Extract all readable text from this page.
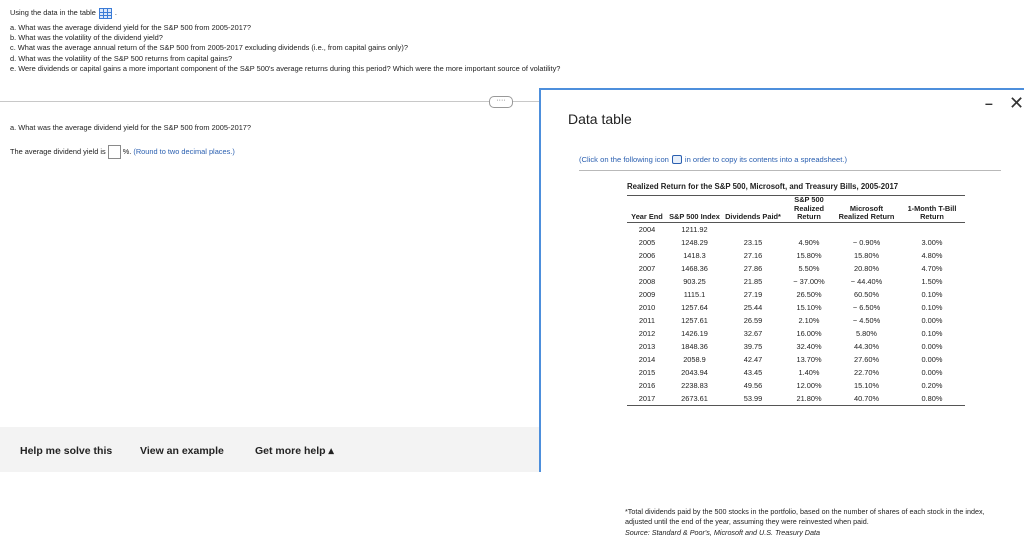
Using the data in the table	.
a. What was the average dividend yield for the S&P 500 from 2005-2017?
b. What was the volatility of the dividend yield?
c. What was the average annual return of the S&P 500 from 2005-2017 excluding dividends (i.e., from capital gains only)?
d. What was the volatility of the S&P 500 returns from capital gains?
e. Were dividends or capital gains a more important component of the S&P 500's average returns during this period? Which were the more important source of volatility?
····
a. What was the average dividend yield for the S&P 500 from 2005-2017?
The average dividend yield is %. (Round to two decimal places.)
Help me solve this	View an example	Get more help ▴
Data table
– ✕
(Click on the following icon in order to copy its contents into a spreadsheet.)
Realized Return for the S&P 500, Microsoft, and Treasury Bills, 2005-2017					
Year End	S&P 500 Index	Dividends Paid*	S&P 500 Realized Return	Microsoft Realized Return	1-Month T-Bill Return
2004	1211.92				
2005	1248.29	23.15	4.90%	− 0.90%	3.00%
2006	1418.3	27.16	15.80%	15.80%	4.80%
2007	1468.36	27.86	5.50%	20.80%	4.70%
2008	903.25	21.85	− 37.00%	− 44.40%	1.50%
2009	1115.1	27.19	26.50%	60.50%	0.10%
2010	1257.64	25.44	15.10%	− 6.50%	0.10%
2011	1257.61	26.59	2.10%	− 4.50%	0.00%
2012	1426.19	32.67	16.00%	5.80%	0.10%
2013	1848.36	39.75	32.40%	44.30%	0.00%
2014	2058.9	42.47	13.70%	27.60%	0.00%
2015	2043.94	43.45	1.40%	22.70%	0.00%
2016	2238.83	49.56	12.00%	15.10%	0.20%
2017	2673.61	53.99	21.80%	40.70%	0.80%
*Total dividends paid by the 500 stocks in the portfolio, based on the number of shares of each stock in the index, adjusted until the end of the year, assuming they were reinvested when paid.
Source: Standard & Poor's, Microsoft and U.S. Treasury Data
